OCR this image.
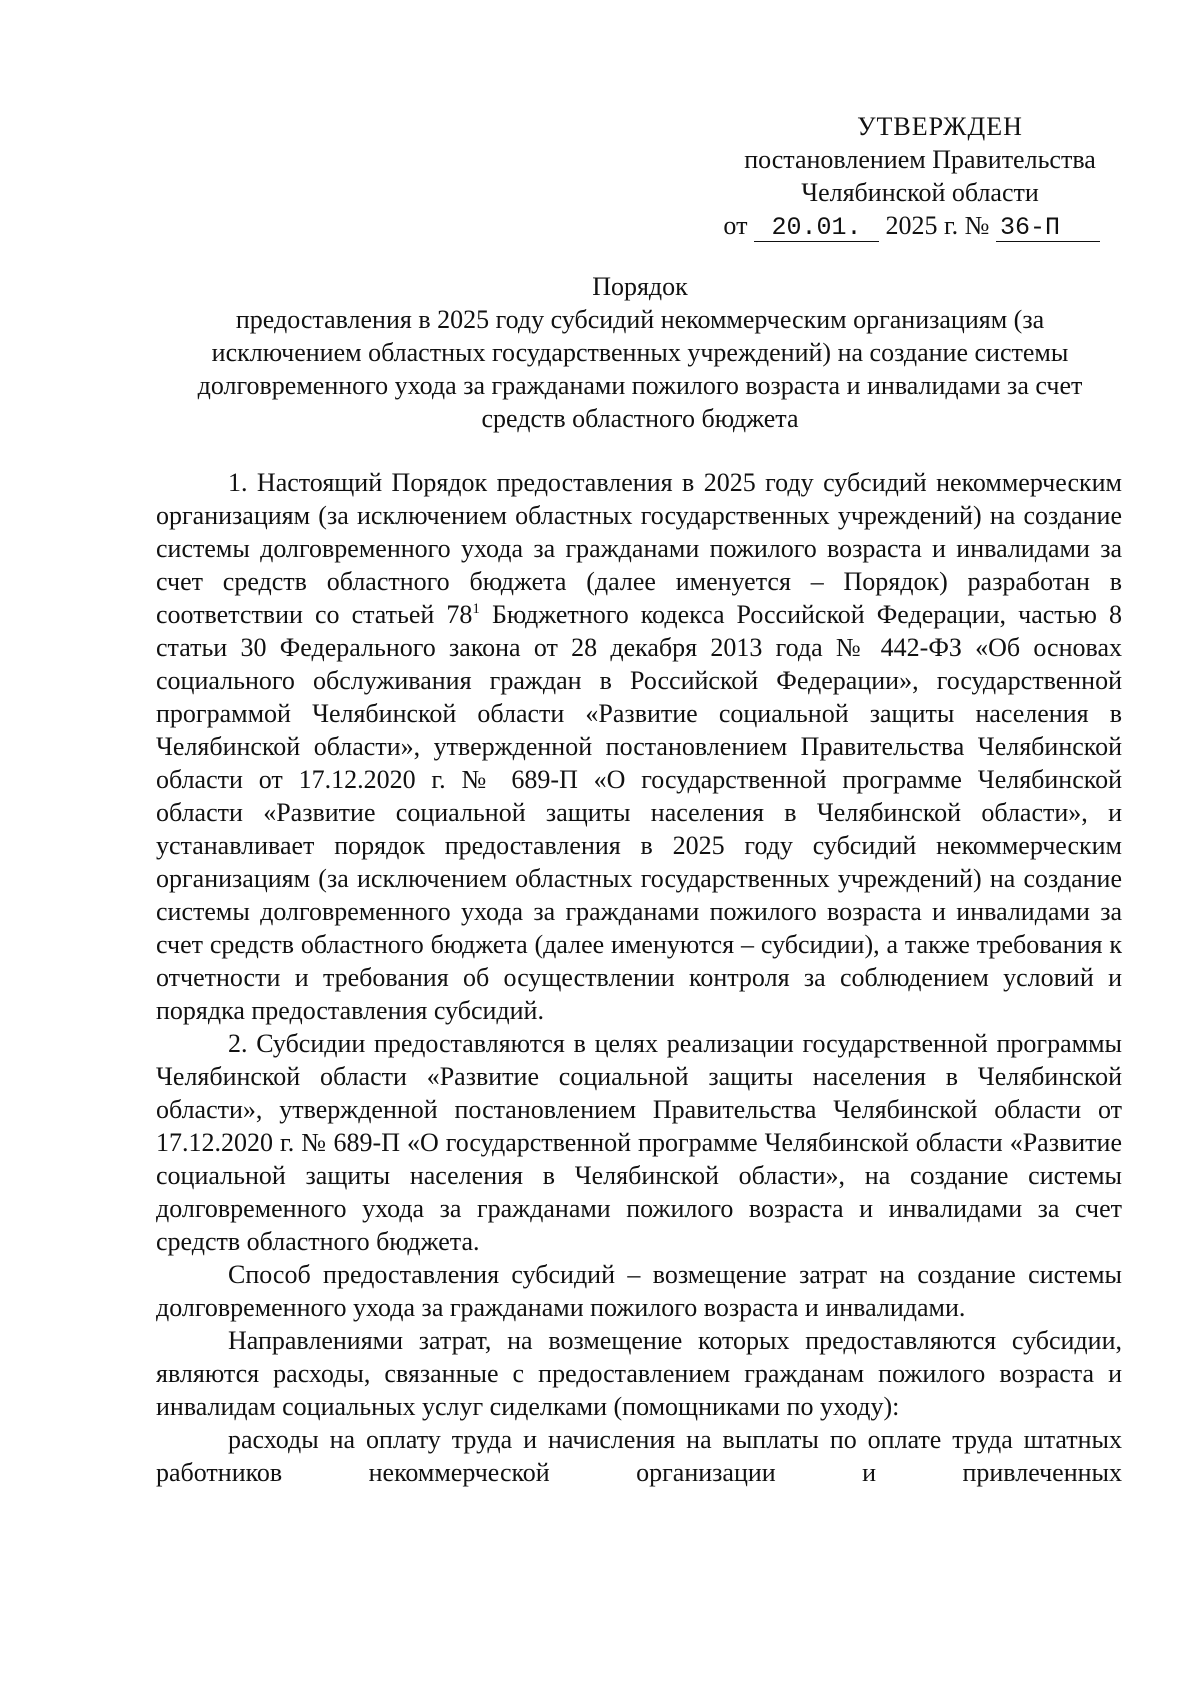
УТВЕРЖДЕН
постановлением Правительства
Челябинской области
от 20.01. 2025 г. № 36-П
Порядок
предоставления в 2025 году субсидий некоммерческим организациям (за
исключением областных государственных учреждений) на создание системы
долговременного ухода за гражданами пожилого возраста и инвалидами за счет
средств областного бюджета

1. Настоящий Порядок предоставления в 2025 году субсидий некоммерческим организациям (за исключением областных государственных учреждений) на создание системы долговременного ухода за гражданами пожилого возраста и инвалидами за счет средств областного бюджета (далее именуется – Порядок) разработан в соответствии со статьей $78^1$ Бюджетного кодекса Российской Федерации, частью 8 статьи 30 Федерального закона от 28 декабря 2013 года № 442-ФЗ «Об основах социального обслуживания граждан в Российской Федерации», государственной программой Челябинской области «Развитие социальной защиты населения в Челябинской области», утвержденной постановлением Правительства Челябинской области от 17.12.2020 г. № 689-П «О государственной программе Челябинской области «Развитие социальной защиты населения в Челябинской области», и устанавливает порядок предоставления в 2025 году субсидий некоммерческим организациям (за исключением областных государственных учреждений) на создание системы долговременного ухода за гражданами пожилого возраста и инвалидами за счет средств областного бюджета (далее именуются – субсидии), а также требования к отчетности и требования об осуществлении контроля за соблюдением условий и порядка предоставления субсидий.

2. Субсидии предоставляются в целях реализации государственной программы Челябинской области «Развитие социальной защиты населения в Челябинской области», утвержденной постановлением Правительства Челябинской области от 17.12.2020 г. № 689-П «О государственной программе Челябинской области «Развитие социальной защиты населения в Челябинской области», на создание системы долговременного ухода за гражданами пожилого возраста и инвалидами за счет средств областного бюджета.

Способ предоставления субсидий – возмещение затрат на создание системы долговременного ухода за гражданами пожилого возраста и инвалидами.

Направлениями затрат, на возмещение которых предоставляются субсидии, являются расходы, связанные с предоставлением гражданам пожилого возраста и инвалидам социальных услуг сиделками (помощниками по уходу):

расходы на оплату труда и начисления на выплаты по оплате труда штатных работников некоммерческой организации и привлеченных
